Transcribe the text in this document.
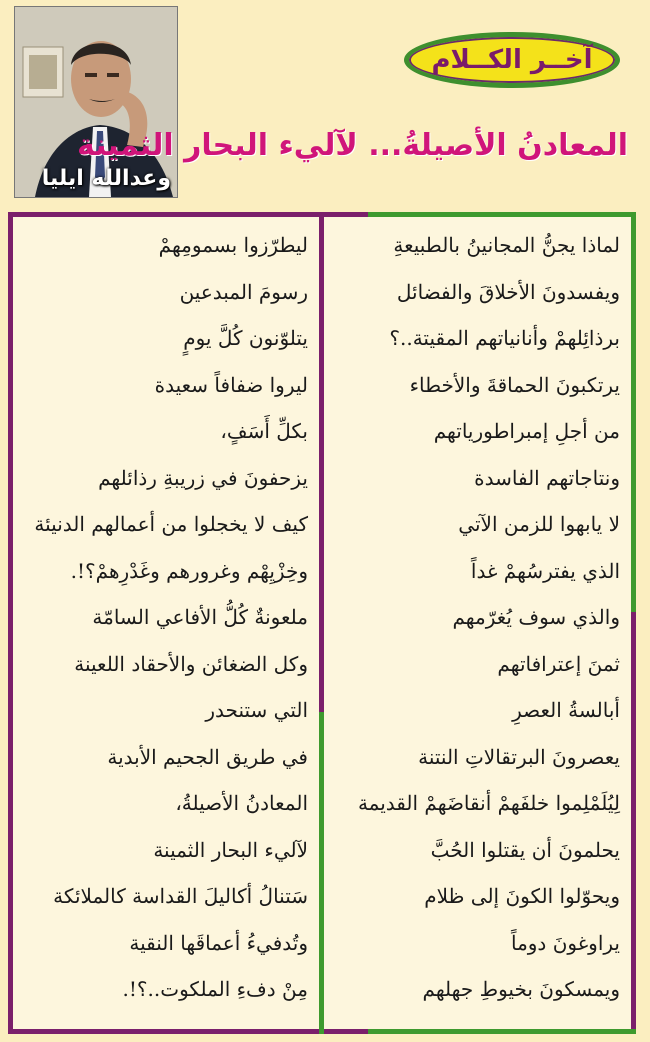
وعدالله ايليا
آخــر الكــلام
المعادنُ الأصيلةُ... لآليء البحار الثمينة
لماذا يجنُّ المجانينُ بالطبيعةِ
ويفسدونَ الأخلاقَ والفضائل
برذائِلهمْ وأنانياتهم المقيتة..؟
يرتكبونَ الحماقةَ والأخطاء
من أجلِ إمبراطورياتهم
ونتاجاتهم الفاسدة
لا يابهوا للزمن الآتي
الذي يفترسُهمْ غداً
والذي سوف يُغرّمهم
ثمنَ إعترافاتهم
أبالسةُ العصرِ
يعصرونَ البرتقالاتِ النتنة
لِيُلَمْلِموا خلفَهمْ أنقاضَهمْ القديمة
يحلمونَ أن يقتلوا الحُبَّ
ويحوّلوا الكونَ إلى ظلام
يراوغونَ دوماً
ويمسكونَ بخيوطِ جهلهم
ليطرّزوا بسمومِهمْ
رسومَ المبدعين
يتلوّنون كُلَّ يومٍ
ليروا ضفافاً سعيدة
بكلِّ أَسَفٍ،
يزحفونَ في زريبةِ رذائلهم
كيف لا يخجلوا من أعمالهم الدنيئة
وخِزْيِهْم وغرورهم وغَدْرِهمْ؟!.
ملعونةٌ كُلُّ الأفاعي السامّة
وكل الضغائن والأحقاد اللعينة
التي ستنحدر
في طريق الجحيم الأبدية
المعادنُ الأصيلةُ،
لآليء البحار الثمينة
سَتنالُ أكاليلَ القداسة كالملائكة
وتُدفيءُ أعماقَها النقية
مِنْ دفءِ الملكوت..؟!.
